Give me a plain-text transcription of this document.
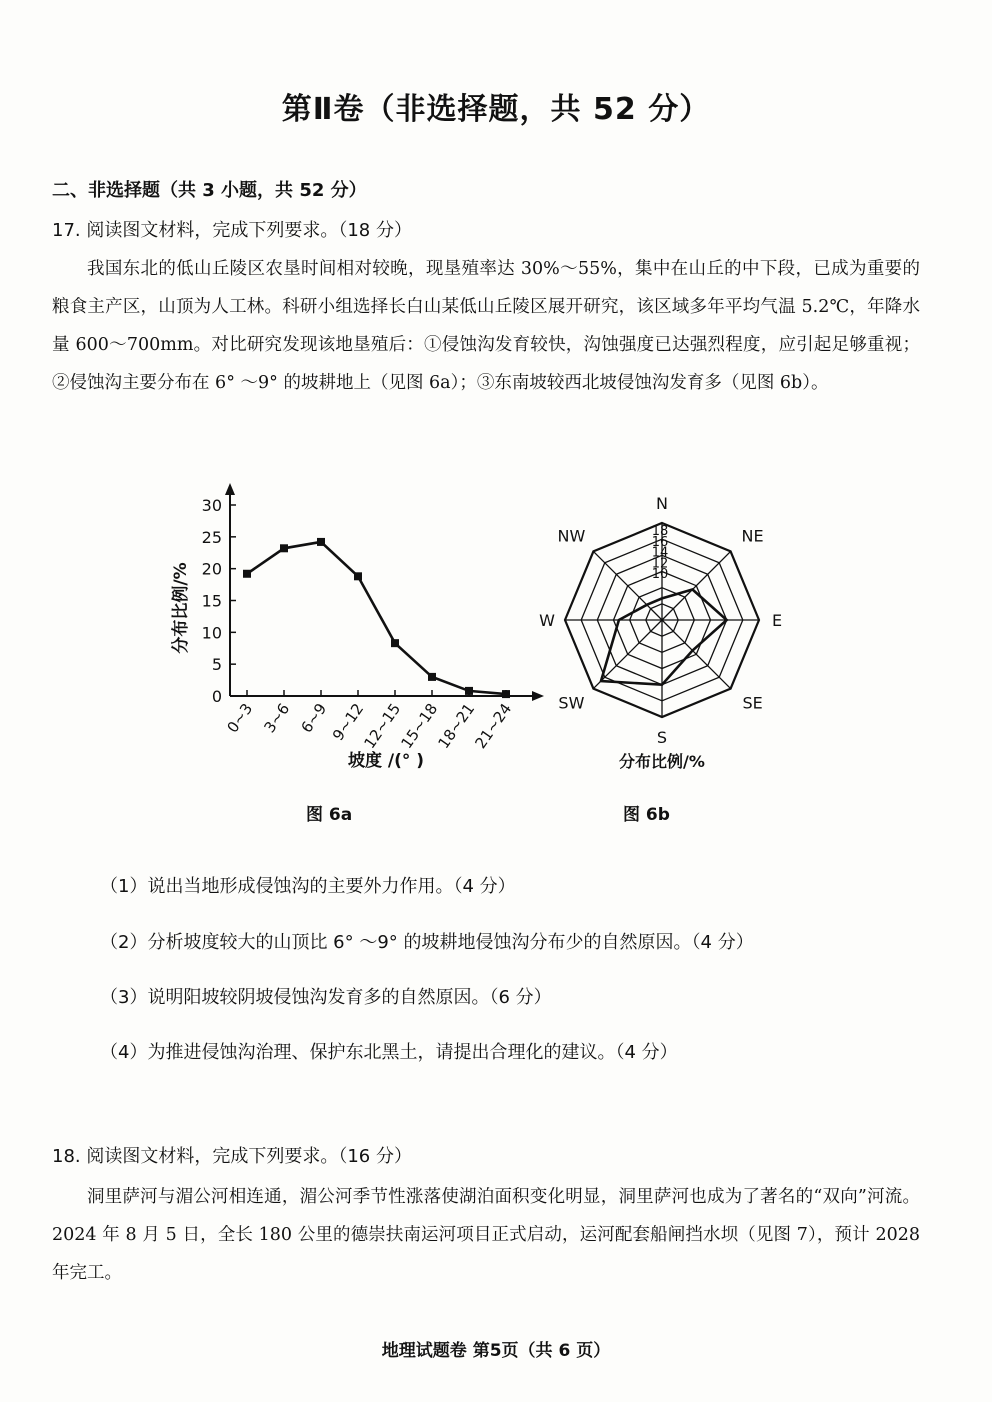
第Ⅱ卷（非选择题，共 52 分）
二、非选择题（共 3 小题，共 52 分）
17. 阅读图文材料，完成下列要求。（18 分）
我国东北的低山丘陵区农垦时间相对较晚，现垦殖率达 30%～55%，集中在山丘的中下段，已成为重要的粮食主产区，山顶为人工林。科研小组选择长白山某低山丘陵区展开研究，该区域多年平均气温 5.2℃，年降水量 600～700mm。对比研究发现该地垦殖后：①侵蚀沟发育较快，沟蚀强度已达强烈程度，应引起足够重视；②侵蚀沟主要分布在 6° ～9° 的坡耕地上（见图 6a）；③东南坡较西北坡侵蚀沟发育多（见图 6b）。
0
5
10
15
20
25
30
0~3 3~6 6~9
9~12
12~15
15~18
18~21
21~24
分布比例/%
坡度 /(° )
图 6a
10
12
14
16
18
N
NE
E
SE
S
SW
W
NW
分布比例/%
图 6b
（1）说出当地形成侵蚀沟的主要外力作用。（4 分）
（2）分析坡度较大的山顶比 6° ～9° 的坡耕地侵蚀沟分布少的自然原因。（4 分）
（3）说明阳坡较阴坡侵蚀沟发育多的自然原因。（6 分）
（4）为推进侵蚀沟治理、保护东北黑土，请提出合理化的建议。（4 分）
18. 阅读图文材料，完成下列要求。（16 分）
洞里萨河与湄公河相连通，湄公河季节性涨落使湖泊面积变化明显，洞里萨河也成为了著名的“双向”河流。2024 年 8 月 5 日，全长 180 公里的德崇扶南运河项目正式启动，运河配套船闸挡水坝（见图 7），预计 2028 年完工。
地理试题卷 第5页（共 6 页）
